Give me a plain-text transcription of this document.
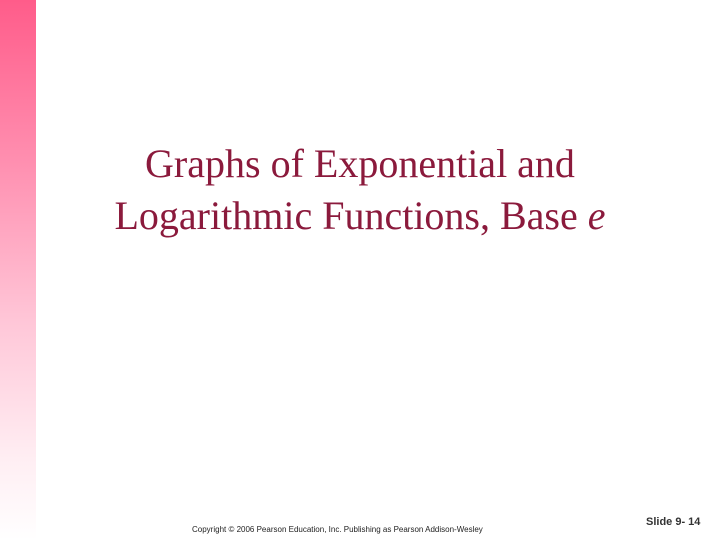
Graphs of Exponential and
Logarithmic Functions, Base e
Copyright © 2006 Pearson Education, Inc. Publishing as Pearson Addison-Wesley
Slide 9- 14
